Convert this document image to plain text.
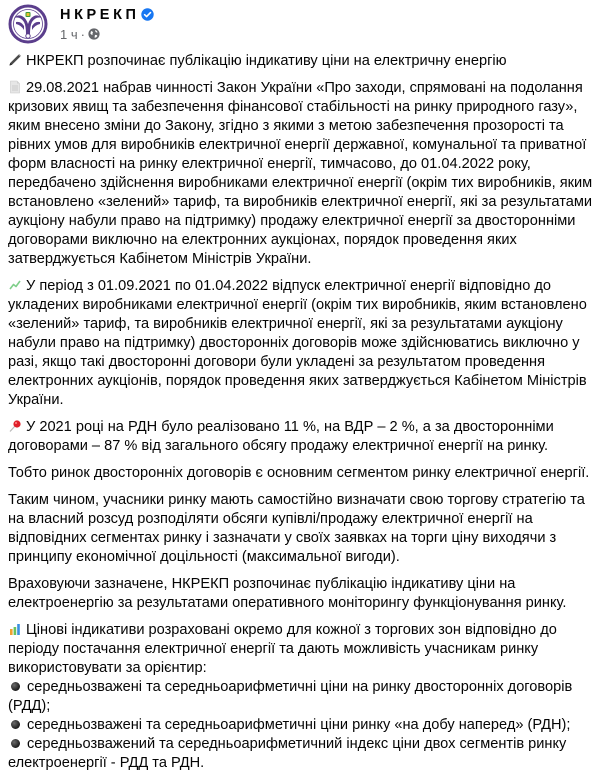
НКРЕКП
1 ч ·

НКРЕКП розпочинає публікацію індикативу ціни на електричну енергію

29.08.2021 набрав чинності Закон України «Про заходи, спрямовані на подолання кризових явищ та забезпечення фінансової стабільності на ринку природного газу», яким внесено зміни до Закону, згідно з якими з метою забезпечення прозорості та рівних умов для виробників електричної енергії державної, комунальної та приватної форм власності на ринку електричної енергії, тимчасово, до 01.04.2022 року, передбачено здійснення виробниками електричної енергії (окрім тих виробників, яким встановлено «зелений» тариф, та виробників електричної енергії, які за результатами аукціону набули право на підтримку) продажу електричної енергії за двосторонніми договорами виключно на електронних аукціонах, порядок проведення яких затверджується Кабінетом Міністрів України.

У період з 01.09.2021 по 01.04.2022 відпуск електричної енергії відповідно до укладених виробниками електричної енергії (окрім тих виробників, яким встановлено «зелений» тариф, та виробників електричної енергії, які за результатами аукціону набули право на підтримку) двосторонніх договорів може здійснюватись виключно у разі, якщо такі двосторонні договори були укладені за результатом проведення електронних аукціонів, порядок проведення яких затверджується Кабінетом Міністрів України.

У 2021 році на РДН було реалізовано 11 %, на ВДР – 2 %, а за двосторонніми договорами – 87 % від загального обсягу продажу електричної енергії на ринку.

Тобто ринок двосторонніх договорів є основним сегментом ринку електричної енергії.

Таким чином, учасники ринку мають самостійно визначати свою торгову стратегію та на власний розсуд розподіляти обсяги купівлі/продажу електричної енергії на відповідних сегментах ринку і зазначати у своїх заявках на торги ціну виходячи з принципу економічної доцільності (максимальної вигоди).

Враховуючи зазначене, НКРЕКП розпочинає публікацію індикативу ціни на електроенергію за результатами оперативного моніторингу функціонування ринку.

Цінові індикативи розраховані окремо для кожної з торгових зон відповідно до періоду постачання електричної енергії та дають можливість учасникам ринку використовувати за орієнтир:
середньозважені та середньоарифметичні ціни на ринку двосторонніх договорів (РДД);
середньозважені та середньоарифметичні ціни ринку «на добу наперед» (РДН);
середньозважений та середньоарифметичний індекс ціни двох сегментів ринку електроенергії - РДД та РДН.
